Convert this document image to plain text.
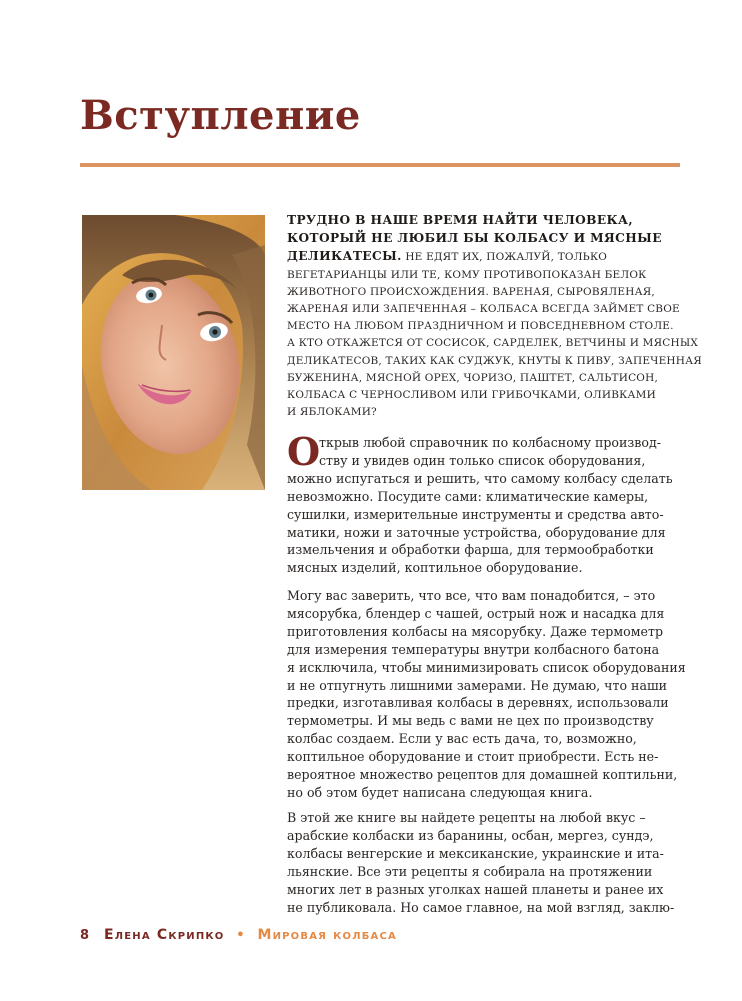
Вступление
ТРУДНО В НАШЕ ВРЕМЯ НАЙТИ ЧЕЛОВЕКА,
КОТОРЫЙ НЕ ЛЮБИЛ БЫ КОЛБАСУ И МЯСНЫЕ
ДЕЛИКАТЕСЫ. НЕ ЕДЯТ ИХ, ПОЖАЛУЙ, ТОЛЬКО
ВЕГЕТАРИАНЦЫ ИЛИ ТЕ, КОМУ ПРОТИВОПОКАЗАН БЕЛОК
ЖИВОТНОГО ПРОИСХОЖДЕНИЯ. ВАРЕНАЯ, СЫРОВЯЛЕНАЯ,
ЖАРЕНАЯ ИЛИ ЗАПЕЧЕННАЯ – КОЛБАСА ВСЕГДА ЗАЙМЕТ СВОЕ
МЕСТО НА ЛЮБОМ ПРАЗДНИЧНОМ И ПОВСЕДНЕВНОМ СТОЛЕ.
А КТО ОТКАЖЕТСЯ ОТ СОСИСОК, САРДЕЛЕК, ВЕТЧИНЫ И МЯСНЫХ
ДЕЛИКАТЕСОВ, ТАКИХ КАК СУДЖУК, КНУТЫ К ПИВУ, ЗАПЕЧЕННАЯ
БУЖЕНИНА, МЯСНОЙ ОРЕХ, ЧОРИЗО, ПАШТЕТ, САЛЬТИСОН,
КОЛБАСА С ЧЕРНОСЛИВОМ ИЛИ ГРИБОЧКАМИ, ОЛИВКАМИ
И ЯБЛОКАМИ?
О
ткрыв любой справочник по колбасному производ-
ству и увидев один только список оборудования,
можно испугаться и решить, что самому колбасу сделать
невозможно. Посудите сами: климатические камеры,
сушилки, измерительные инструменты и средства авто-
матики, ножи и заточные устройства, оборудование для
измельчения и обработки фарша, для термообработки
мясных изделий, коптильное оборудование.
Могу вас заверить, что все, что вам понадобится, – это
мясорубка, блендер с чашей, острый нож и насадка для
приготовления колбасы на мясорубку. Даже термометр
для измерения температуры внутри колбасного батона
я исключила, чтобы минимизировать список оборудования
и не отпугнуть лишними замерами. Не думаю, что наши
предки, изготавливая колбасы в деревнях, использовали
термометры. И мы ведь с вами не цех по производству
колбас создаем. Если у вас есть дача, то, возможно,
коптильное оборудование и стоит приобрести. Есть не-
вероятное множество рецептов для домашней коптильни,
но об этом будет написана следующая книга.
В этой же книге вы найдете рецепты на любой вкус –
арабские колбаски из баранины, осбан, мергез, сундэ,
колбасы венгерские и мексиканские, украинские и ита-
льянские. Все эти рецепты я собирала на протяжении
многих лет в разных уголках нашей планеты и ранее их
не публиковала. Но самое главное, на мой взгляд, заклю-
8 Елена Скрипко • Мировая колбаса
